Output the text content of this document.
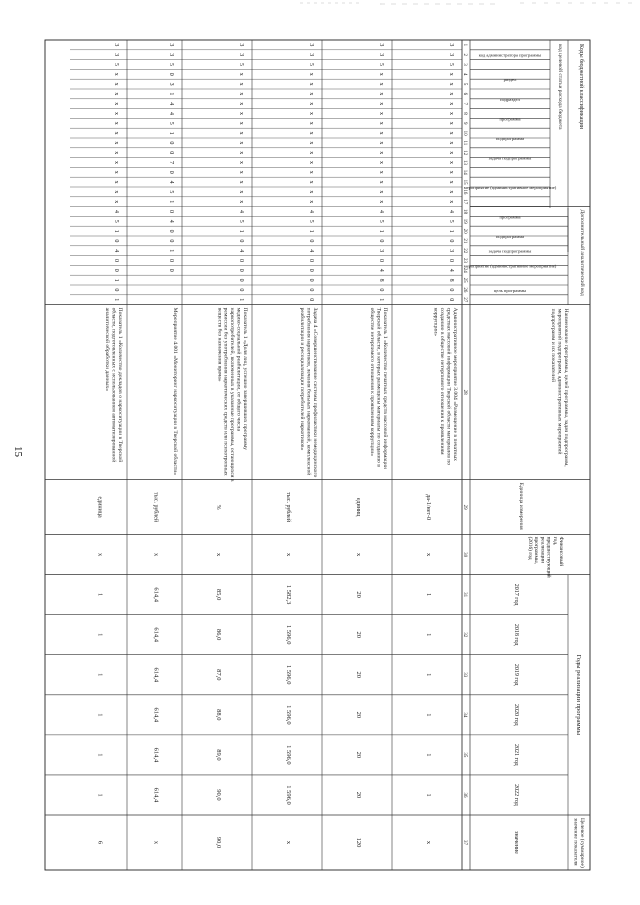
15
Коды бюджетной классификации
код целевой статьи расхода бюджета
Дополнительный аналитический код
Годы реализации программы
Целевое (суммарное)значение показателя
значение
код администратора программы
раздел
подраздел
программа
подпрограмма
задача подпрограммы
мероприятие (административное мероприятие)
программа
подпрограмма
задача подпрограммы
мероприятие (административное мероприятие)
цель программы
Наименование программы, целей программы, задач подпрограмм,мероприятий подпрограмм, административных мероприятийподпрограмм и их показателей
Единица измерения
Финансовыйгод,предшествующийреализациипрограммы,(2016) год
2017 год
2018 год
2019 год
2020 год
2021 год
2022 год
1
2
3
4
5
6
7
8
9
10
11
12
13
14
15
16
17
18
19
20
21
22
23
24
25
26
27
28
29
30
31
32
33
34
35
36
37
3
3
5
х
х
х
х
х
х
х
х
х
х
х
х
х
х
4
5
1
0
3
0
4
8
0
0
Административное мероприятие 3.004 «Размещение в печатныхсредствах массовой информации Тверской области материалов посозданию в обществе нетерпимого отношения к проявлениямкоррупции»
да-1/нет-0
х
1
1
1
1
1
1
х
3
3
5
х
х
х
х
х
х
х
х
х
х
х
х
х
х
4
5
1
0
3
0
4
8
0
1
Показатель 1 «Количество печатных средств массовой информацииТверской области, в которых размещены материалы по созданию вобществе нетерпимого отношения к проявлениям коррупции»
единиц
х
20
20
20
20
20
20
120
3
3
5
х
х
х
х
х
х
х
х
х
х
х
х
х
х
4
5
1
0
4
0
0
0
0
0
Задача 4 «Совершенствование системы профилактики немедицинскогопотребления наркотиков, лечения больных наркоманией, комплекснойреабилитации и ресоциализации потребителей наркотиков»
тыс. рублей
х
1 582,3
1 596,0
1 596,0
1 596,0
1 596,0
1 596,0
х
3
3
5
х
х
х
х
х
х
х
х
х
х
х
х
х
х
4
5
1
0
4
0
0
0
0
1
Показатель 1 «Доля лиц, успешно завершивших программумедико-социальной реабилитации, от общего числанаркопотребителей, включенных в указанные программы, остающихся времиссии без употребления наркотических средств или психотропныхвеществ без назначения врача»
%
х
85,0
86,0
87,0
88,0
89,0
90,0
90,0
3
3
5
0
3
1
4
4
5
1
0
0
7
0
4
5
1
0
4
0
0
1
0
0
Мероприятие 4.001 «Мониторинг наркоситуации в Тверской области»
тыс. рублей
х
614,4
614,4
614,4
614,4
614,4
614,4
х
3
3
5
х
х
х
х
х
х
х
х
х
х
х
х
х
х
4
5
1
0
4
0
0
1
0
1
Показатель 1 «Количество докладов о наркоситуации в Тверскойобласти, подготовленных с использованием автоматизированнойаналитической обработки данных»
единица
х
1
1
1
1
1
1
6
